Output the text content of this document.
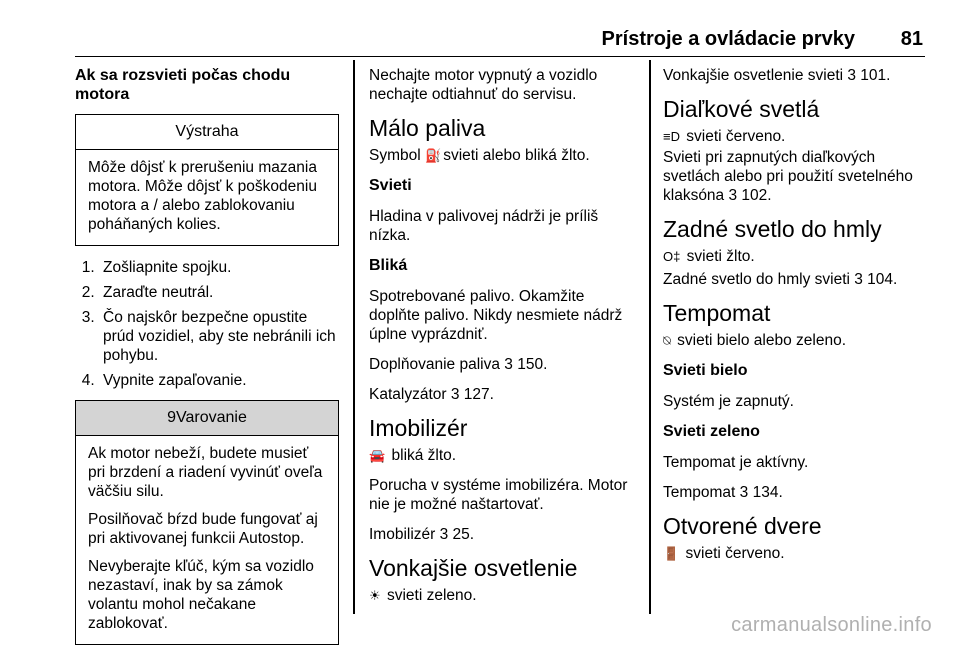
Prístroje a ovládacie prvky 81
Ak sa rozsvieti počas chodu motora
Výstraha

Môže dôjsť k prerušeniu mazania motora. Môže dôjsť k poškodeniu motora a / alebo zablokovaniu poháňaných kolies.

1. Zošliapnite spojku.
2. Zaraďte neutrál.
3. Čo najskôr bezpečne opustite prúd vozidiel, aby ste nebránili ich pohybu.
4. Vypnite zapaľovanie.
9Varovanie

Ak motor nebeží, budete musieť pri brzdení a riadení vyvinúť oveľa väčšiu silu.

Posilňovač bŕzd bude fungovať aj pri aktivovanej funkcii Autostop.

Nevyberajte kľúč, kým sa vozidlo nezastaví, inak by sa zámok volantu mohol nečakane zablokovať.

Nechajte motor vypnutý a vozidlo nechajte odtiahnuť do servisu.

Málo paliva

Symbol ⛽ svieti alebo bliká žlto.

Svieti

Hladina v palivovej nádrži je príliš nízka.

Bliká

Spotrebované palivo. Okamžite doplňte palivo. Nikdy nesmiete nádrž úplne vyprázdniť.

Doplňovanie paliva 3 150.

Katalyzátor 3 127.

Imobilizér

🚘 bliká žlto.

Porucha v systéme imobilizéra. Motor nie je možné naštartovať.

Imobilizér 3 25.

Vonkajšie osvetlenie

☀ svieti zeleno.

Vonkajšie osvetlenie svieti 3 101.

Diaľkové svetlá

≡D svieti červeno.

Svieti pri zapnutých diaľkových svetlách alebo pri použití svetelného klaksóna 3 102.

Zadné svetlo do hmly

O‡ svieti žlto.

Zadné svetlo do hmly svieti 3 104.

Tempomat

⍉ svieti bielo alebo zeleno.

Svieti bielo

Systém je zapnutý.

Svieti zeleno

Tempomat je aktívny.

Tempomat 3 134.

Otvorené dvere

🚪 svieti červeno.

carmanualsonline.info
